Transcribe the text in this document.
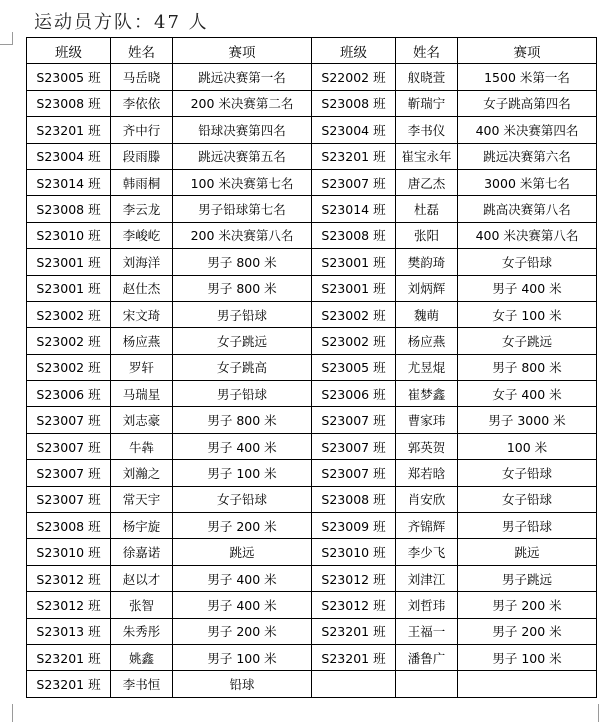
运动员方队：47 人
班级	姓名	赛项	班级	姓名	赛项
S23005 班	马岳晓	跳远决赛第一名	S22002 班	舣晓萱	1500 米第一名
S23008 班	李依依	200 米决赛第二名	S23008 班	靳瑞宁	女子跳高第四名
S23201 班	齐中行	铅球决赛第四名	S23004 班	李书仪	400 米决赛第四名
S23004 班	段雨滕	跳远决赛第五名	S23201 班	崔宝永年	跳远决赛第六名
S23014 班	韩雨桐	100 米决赛第七名	S23007 班	唐乙杰	3000 米第七名
S23008 班	李云龙	男子铅球第七名	S23014 班	杜磊	跳高决赛第八名
S23010 班	李峻屹	200 米决赛第八名	S23008 班	张阳	400 米决赛第八名
S23001 班	刘海洋	男子 800 米	S23001 班	樊韵琦	女子铅球
S23001 班	赵仕杰	男子 800 米	S23001 班	刘炳辉	男子 400 米
S23002 班	宋文琦	男子铅球	S23002 班	魏萌	女子 100 米
S23002 班	杨应燕	女子跳远	S23002 班	杨应燕	女子跳远
S23002 班	罗轩	女子跳高	S23005 班	尤昱焜	男子 800 米
S23006 班	马瑞星	男子铅球	S23006 班	崔梦鑫	女子 400 米
S23007 班	刘志豪	男子 800 米	S23007 班	曹家玮	男子 3000 米
S23007 班	牛犇	男子 400 米	S23007 班	郭英贺	100 米
S23007 班	刘瀚之	男子 100 米	S23007 班	郑若晗	女子铅球
S23007 班	常天宇	女子铅球	S23008 班	肖安欣	女子铅球
S23008 班	杨宇旋	男子 200 米	S23009 班	齐锦辉	男子铅球
S23010 班	徐嘉诺	跳远	S23010 班	李少飞	跳远
S23012 班	赵以才	男子 400 米	S23012 班	刘津江	男子跳远
S23012 班	张智	男子 400 米	S23012 班	刘哲玮	男子 200 米
S23013 班	朱秀彤	男子 200 米	S23201 班	王福一	男子 200 米
S23201 班	姚鑫	男子 100 米	S23201 班	潘鲁广	男子 100 米
S23201 班	李书恒	铅球			
